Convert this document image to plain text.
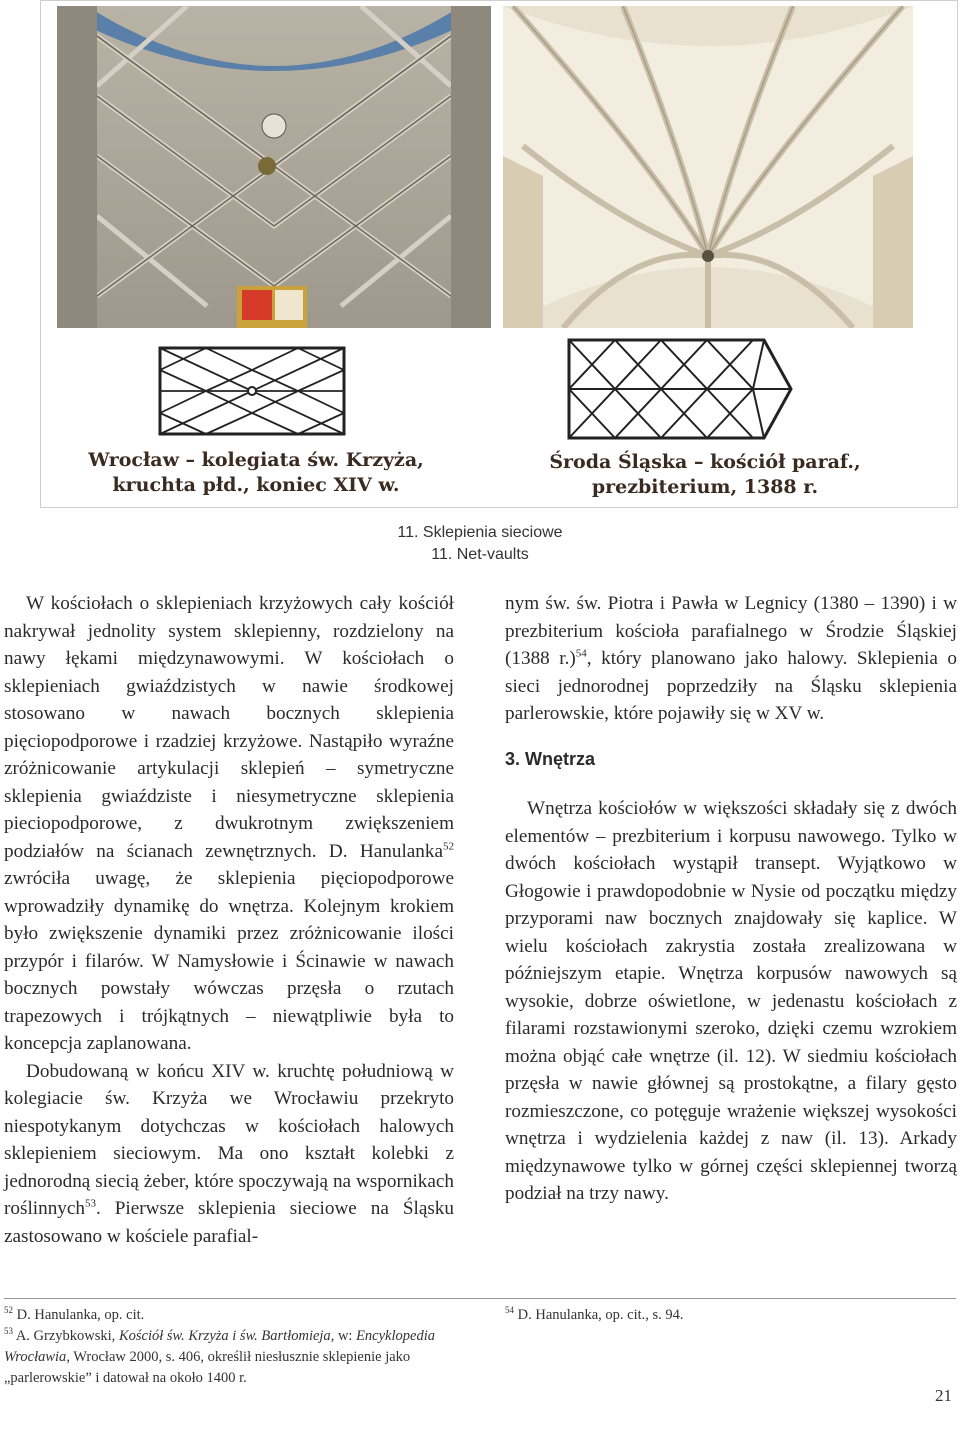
Wrocław – kolegiata św. Krzyża,
kruchta płd., koniec XIV w.
Środa Śląska – kościół paraf.,
prezbiterium, 1388 r.
11. Sklepienia sieciowe
11. Net-vaults

W kościołach o sklepieniach krzyżowych cały kościół nakrywał jednolity system sklepienny, rozdzielony na nawy łękami międzynawowymi. W kościołach o sklepieniach gwiaździstych w nawie środkowej stosowano w nawach bocznych sklepienia pięciopodporowe i rzadziej krzyżowe. Nastąpiło wyraźne zróżnicowanie artykulacji sklepień – symetryczne sklepienia gwiaździste i niesymetryczne sklepienia pieciopodporowe, z dwukrotnym zwiększeniem podziałów na ścianach zewnętrznych. D. Hanulanka$^{52}$ zwróciła uwagę, że sklepienia pięciopodporowe wprowadziły dynamikę do wnętrza. Kolejnym krokiem było zwiększenie dynamiki przez zróżnicowanie ilości przypór i filarów. W Namysłowie i Ścinawie w nawach bocznych powstały wówczas przęsła o rzutach trapezowych i trójkątnych – niewątpliwie była to koncepcja zaplanowana.

Dobudowaną w końcu XIV w. kruchtę południową w kolegiacie św. Krzyża we Wrocławiu przekryto niespotykanym dotychczas w kościołach halowych sklepieniem sieciowym. Ma ono kształt kolebki z jednorodną siecią żeber, które spoczywają na wspornikach roślinnych$^{53}$. Pierwsze sklepienia sieciowe na Śląsku zastosowano w kościele parafial-

nym św. św. Piotra i Pawła w Legnicy (1380 – 1390) i w prezbiterium kościoła parafialnego w Środzie Śląskiej (1388 r.)$^{54}$, który planowano jako halowy. Sklepienia o sieci jednorodnej poprzedziły na Śląsku sklepienia parlerowskie, które pojawiły się w XV w.

3. Wnętrza

Wnętrza kościołów w większości składały się z dwóch elementów – prezbiterium i korpusu nawowego. Tylko w dwóch kościołach wystąpił transept. Wyjątkowo w Głogowie i prawdopodobnie w Nysie od początku między przyporami naw bocznych znajdowały się kaplice. W wielu kościołach zakrystia została zrealizowana w późniejszym etapie. Wnętrza korpusów nawowych są wysokie, dobrze oświetlone, w jedenastu kościołach z filarami rozstawionymi szeroko, dzięki czemu wzrokiem można objąć całe wnętrze (il. 12). W siedmiu kościołach przęsła w nawie głównej są prostokątne, a filary gęsto rozmieszczone, co potęguje wrażenie większej wysokości wnętrza i wydzielenia każdej z naw (il. 13). Arkady międzynawowe tylko w górnej części sklepiennej tworzą podział na trzy nawy.

$^{52}$ D. Hanulanka, op. cit.

$^{53}$ A. Grzybkowski, Kościół św. Krzyża i św. Bartłomieja, w: Encyklopedia Wrocławia, Wrocław 2000, s. 406, określił niesłusznie sklepienie jako „parlerowskie” i datował na około 1400 r.

$^{54}$ D. Hanulanka, op. cit., s. 94.

21
